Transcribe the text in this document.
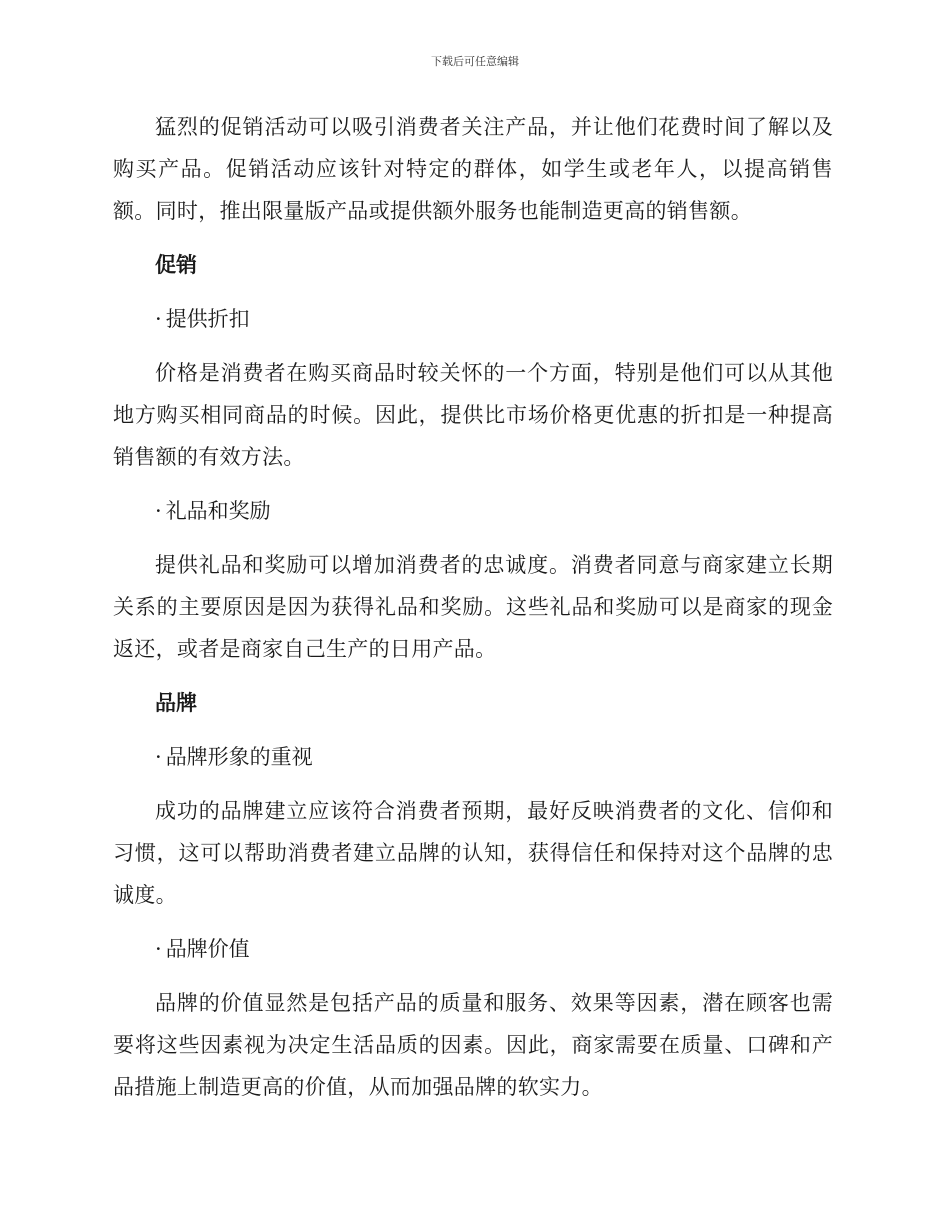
下载后可任意编辑

猛烈的促销活动可以吸引消费者关注产品，并让他们花费时间了解以及购买产品。促销活动应该针对特定的群体，如学生或老年人，以提高销售额。同时，推出限量版产品或提供额外服务也能制造更高的销售额。

促销
· 提供折扣

价格是消费者在购买商品时较关怀的一个方面，特别是他们可以从其他地方购买相同商品的时候。因此，提供比市场价格更优惠的折扣是一种提高销售额的有效方法。

· 礼品和奖励

提供礼品和奖励可以增加消费者的忠诚度。消费者同意与商家建立长期关系的主要原因是因为获得礼品和奖励。这些礼品和奖励可以是商家的现金返还，或者是商家自己生产的日用产品。

品牌
· 品牌形象的重视

成功的品牌建立应该符合消费者预期，最好反映消费者的文化、信仰和习惯，这可以帮助消费者建立品牌的认知，获得信任和保持对这个品牌的忠诚度。

· 品牌价值

品牌的价值显然是包括产品的质量和服务、效果等因素，潜在顾客也需要将这些因素视为决定生活品质的因素。因此，商家需要在质量、口碑和产品措施上制造更高的价值，从而加强品牌的软实力。
